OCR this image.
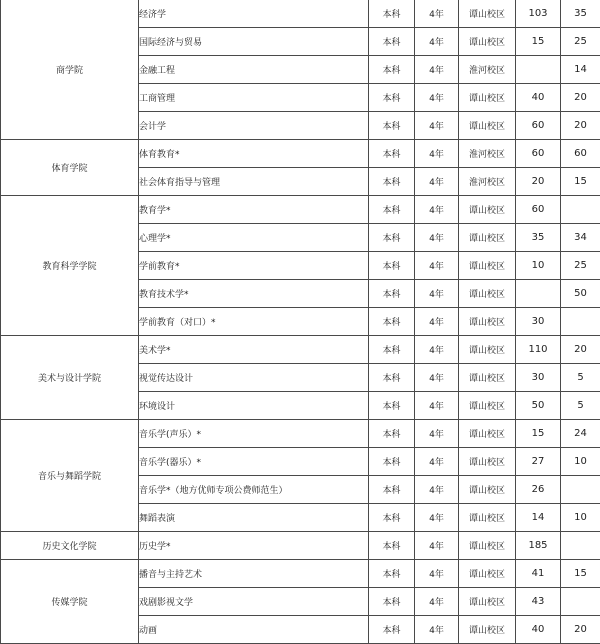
商学院	经济学	本科	4年	谭山校区	103	35
	国际经济与贸易	本科	4年	谭山校区	15	25
	金融工程	本科	4年	淮河校区		14
	工商管理	本科	4年	谭山校区	40	20
	会计学	本科	4年	谭山校区	60	20
体育学院	体育教育*	本科	4年	淮河校区	60	60
	社会体育指导与管理	本科	4年	淮河校区	20	15
教育科学学院	教育学*	本科	4年	谭山校区	60	
	心理学*	本科	4年	谭山校区	35	34
	学前教育*	本科	4年	谭山校区	10	25
	教育技术学*	本科	4年	谭山校区		50
	学前教育（对口）*	本科	4年	谭山校区	30	
美术与设计学院	美术学*	本科	4年	谭山校区	110	20
	视觉传达设计	本科	4年	谭山校区	30	5
	环境设计	本科	4年	谭山校区	50	5
音乐与舞蹈学院	音乐学(声乐）*	本科	4年	谭山校区	15	24
	音乐学(器乐）*	本科	4年	谭山校区	27	10
	音乐学*（地方优师专项公费师范生）	本科	4年	谭山校区	26	
	舞蹈表演	本科	4年	谭山校区	14	10
历史文化学院	历史学*	本科	4年	谭山校区	185	
传媒学院	播音与主持艺术	本科	4年	谭山校区	41	15
	戏剧影视文学	本科	4年	谭山校区	43	
	动画	本科	4年	谭山校区	40	20
